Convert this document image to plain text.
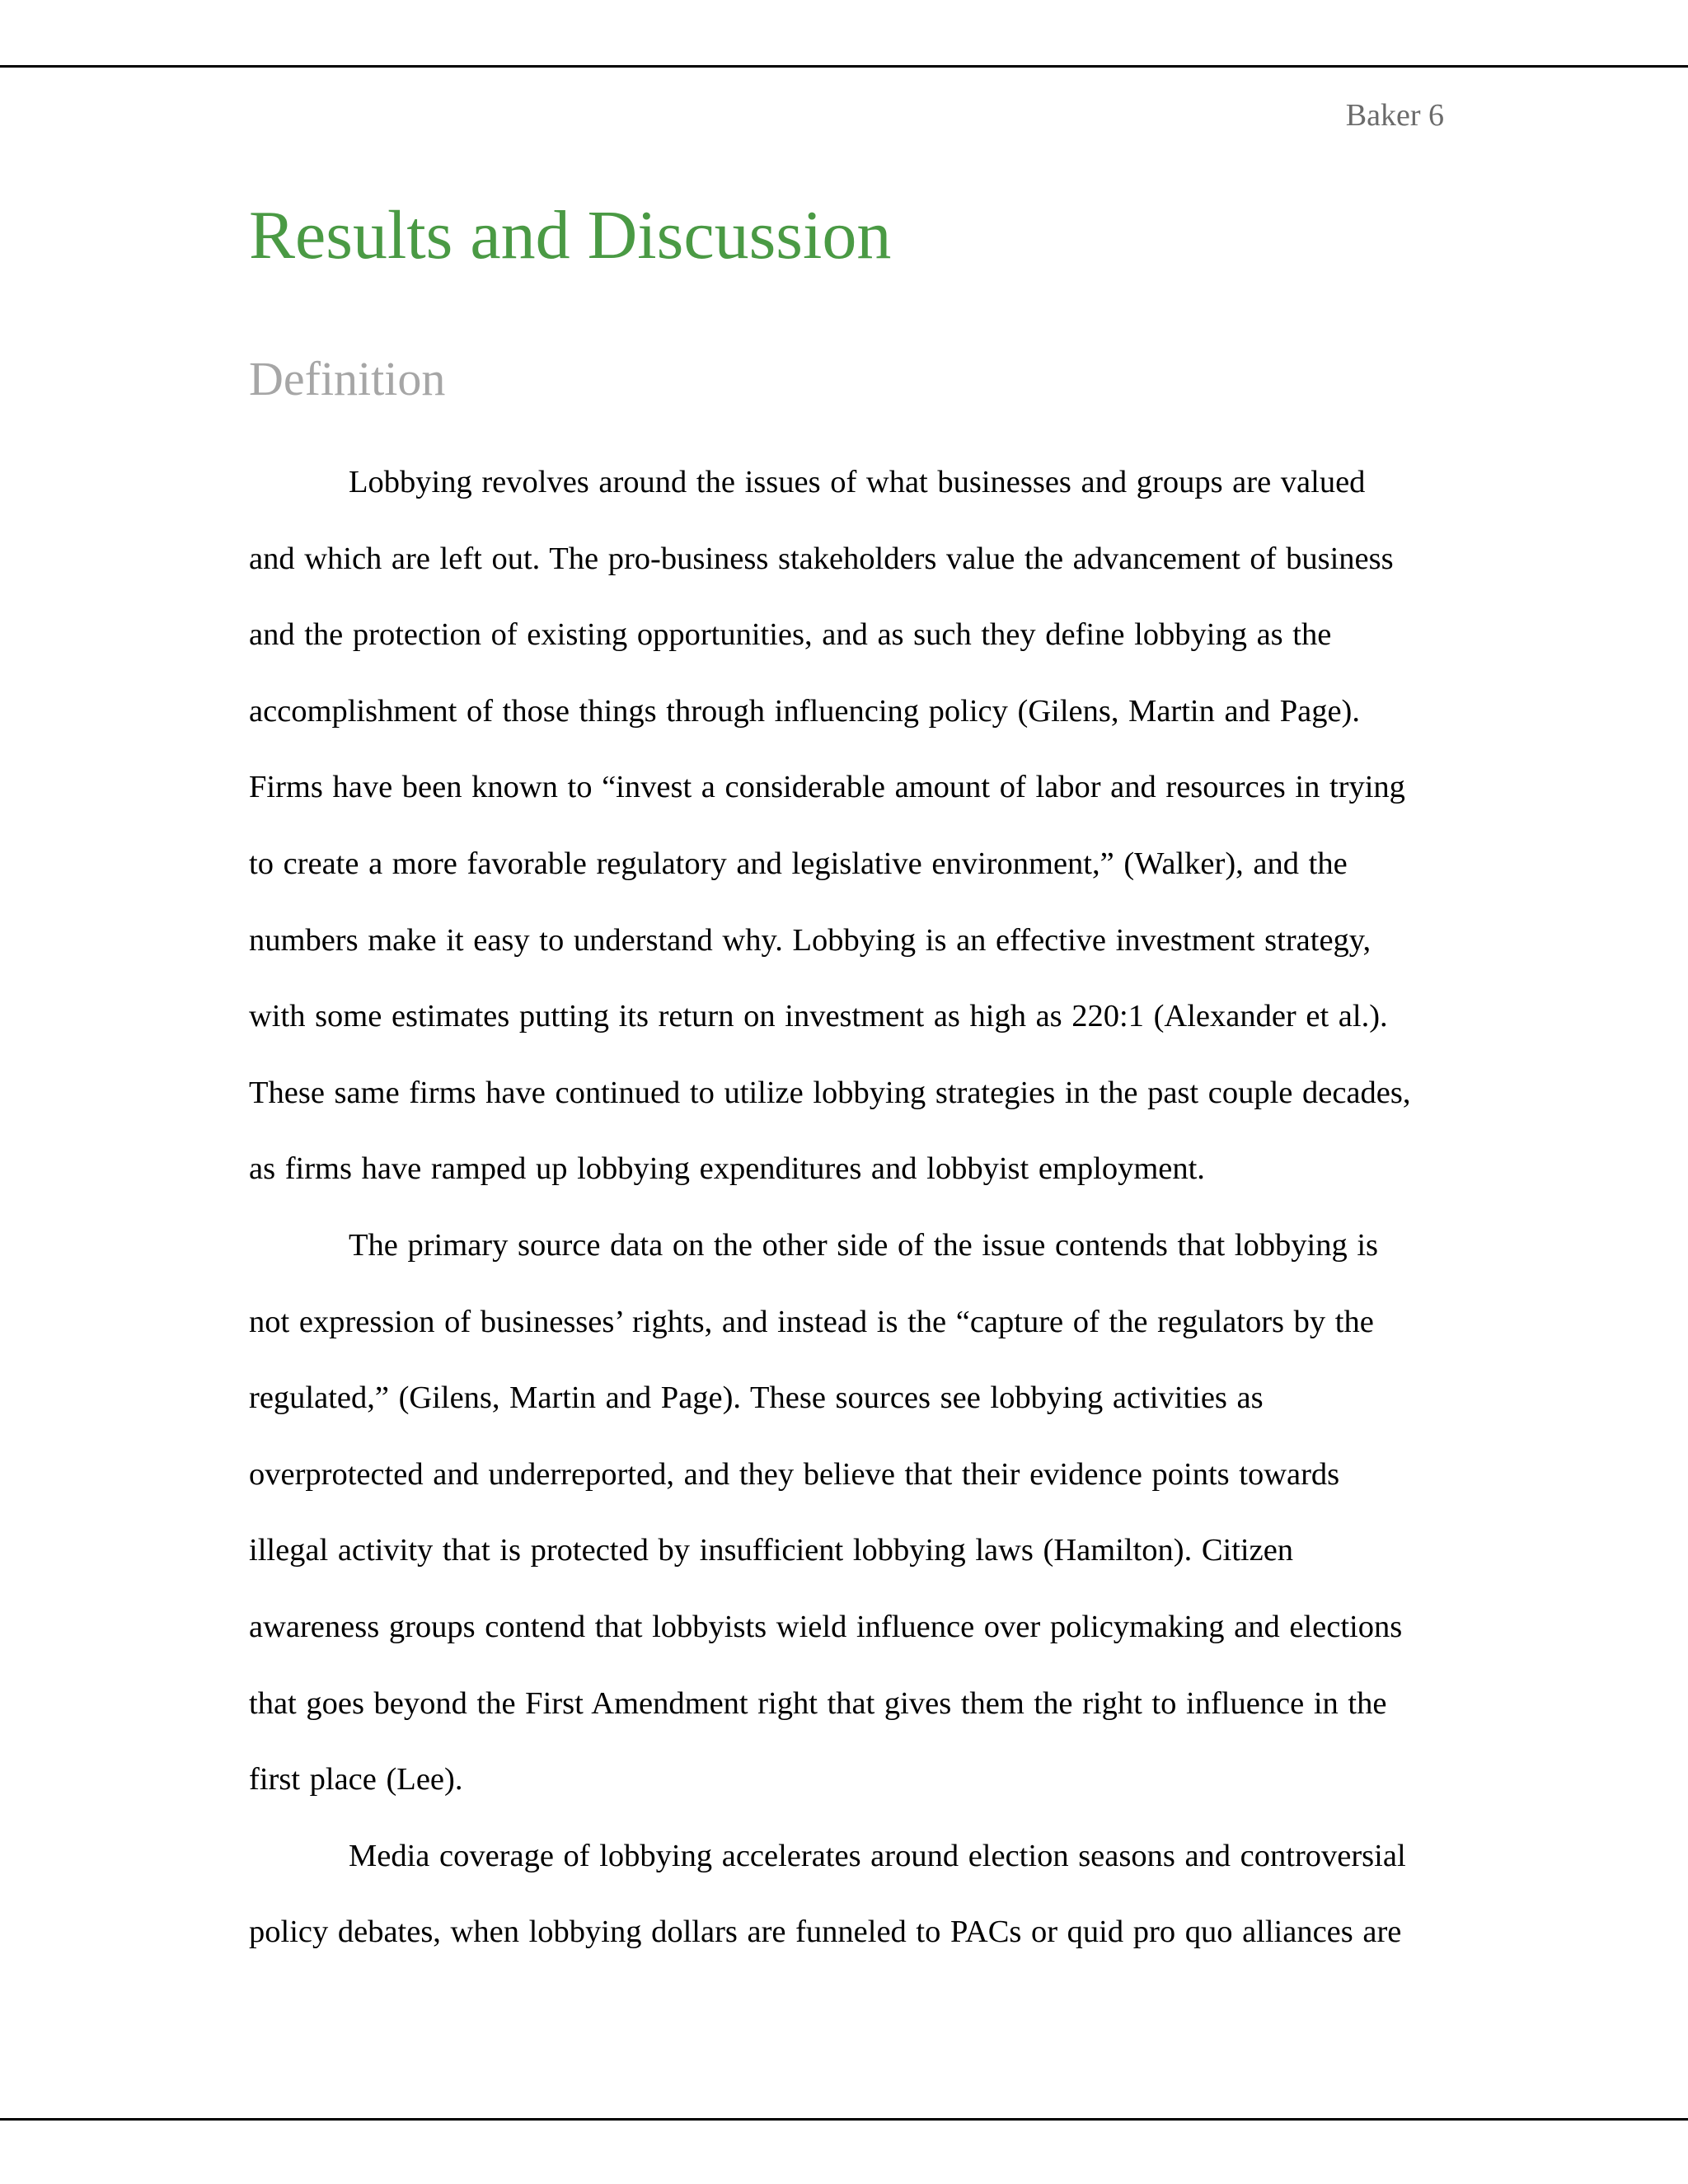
Baker 6
Results and Discussion
Definition

Lobbying revolves around the issues of what businesses and groups are valued
and which are left out. The pro-business stakeholders value the advancement of business
and the protection of existing opportunities, and as such they define lobbying as the
accomplishment of those things through influencing policy (Gilens, Martin and Page).
Firms have been known to “invest a considerable amount of labor and resources in trying
to create a more favorable regulatory and legislative environment,” (Walker), and the
numbers make it easy to understand why. Lobbying is an effective investment strategy,
with some estimates putting its return on investment as high as 220:1 (Alexander et al.).
These same firms have continued to utilize lobbying strategies in the past couple decades,
as firms have ramped up lobbying expenditures and lobbyist employment.

The primary source data on the other side of the issue contends that lobbying is
not expression of businesses’ rights, and instead is the “capture of the regulators by the
regulated,” (Gilens, Martin and Page). These sources see lobbying activities as
overprotected and underreported, and they believe that their evidence points towards
illegal activity that is protected by insufficient lobbying laws (Hamilton). Citizen
awareness groups contend that lobbyists wield influence over policymaking and elections
that goes beyond the First Amendment right that gives them the right to influence in the
first place (Lee).

Media coverage of lobbying accelerates around election seasons and controversial
policy debates, when lobbying dollars are funneled to PACs or quid pro quo alliances are
